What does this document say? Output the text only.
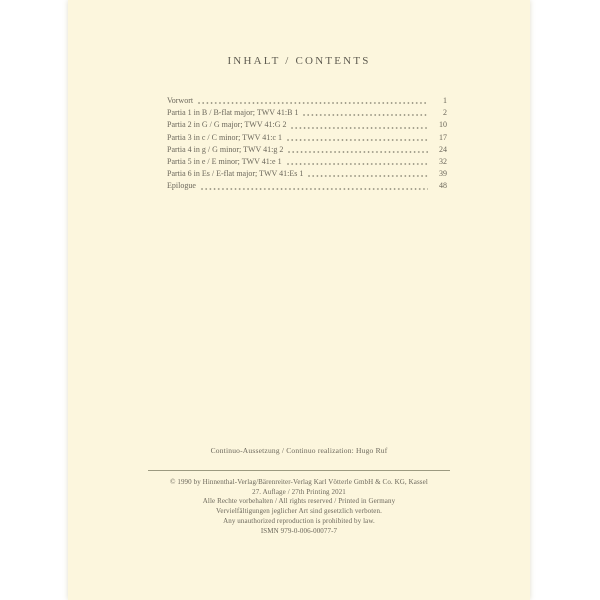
INHALT / CONTENTS
Vorwort	1
Partia 1 in B / B-flat major; TWV 41:B 1	2
Partia 2 in G / G major; TWV 41:G 2	10
Partia 3 in c / C minor; TWV 41:c 1	17
Partia 4 in g / G minor; TWV 41:g 2	24
Partia 5 in e / E minor; TWV 41:e 1	32
Partia 6 in Es / E-flat major; TWV 41:Es 1	39
Epilogue	48
Continuo-Aussetzung / Continuo realization: Hugo Ruf
© 1990 by Hinnenthal-Verlag/Bärenreiter-Verlag Karl Vötterle GmbH & Co. KG, Kassel
27. Auflage / 27th Printing 2021
Alle Rechte vorbehalten / All rights reserved / Printed in Germany
Vervielfältigungen jeglicher Art sind gesetzlich verboten.
Any unauthorized reproduction is prohibited by law.
ISMN 979-0-006-00077-7
